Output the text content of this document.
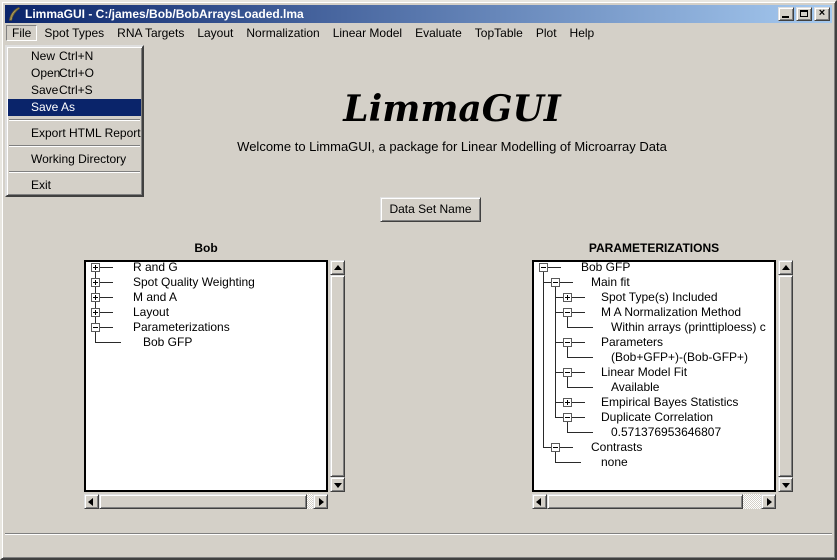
LimmaGUI - C:/james/Bob/BobArraysLoaded.lma	×
File	Spot Types	RNA Targets	Layout	Normalization	Linear Model	Evaluate	TopTable	Plot	Help
New Ctrl+N
Open
Ctrl+O
Save Ctrl+S
Save As
Export HTML Report
Working Directory
Exit
LimmaGUI
Welcome to LimmaGUI, a package for Linear Modelling of Microarray Data
Data Set Name
Bob
R and G
Spot Quality Weighting
M and A
Layout
Parameterizations
Bob GFP
PARAMETERIZATIONS
Bob GFP
Main fit
Spot Type(s) Included
M A Normalization Method
Within arrays (printtiploess) c
Parameters
(Bob+GFP+)-(Bob-GFP+)
Linear Model Fit
Available
Empirical Bayes Statistics
Duplicate Correlation
0.571376953646807
Contrasts
none
